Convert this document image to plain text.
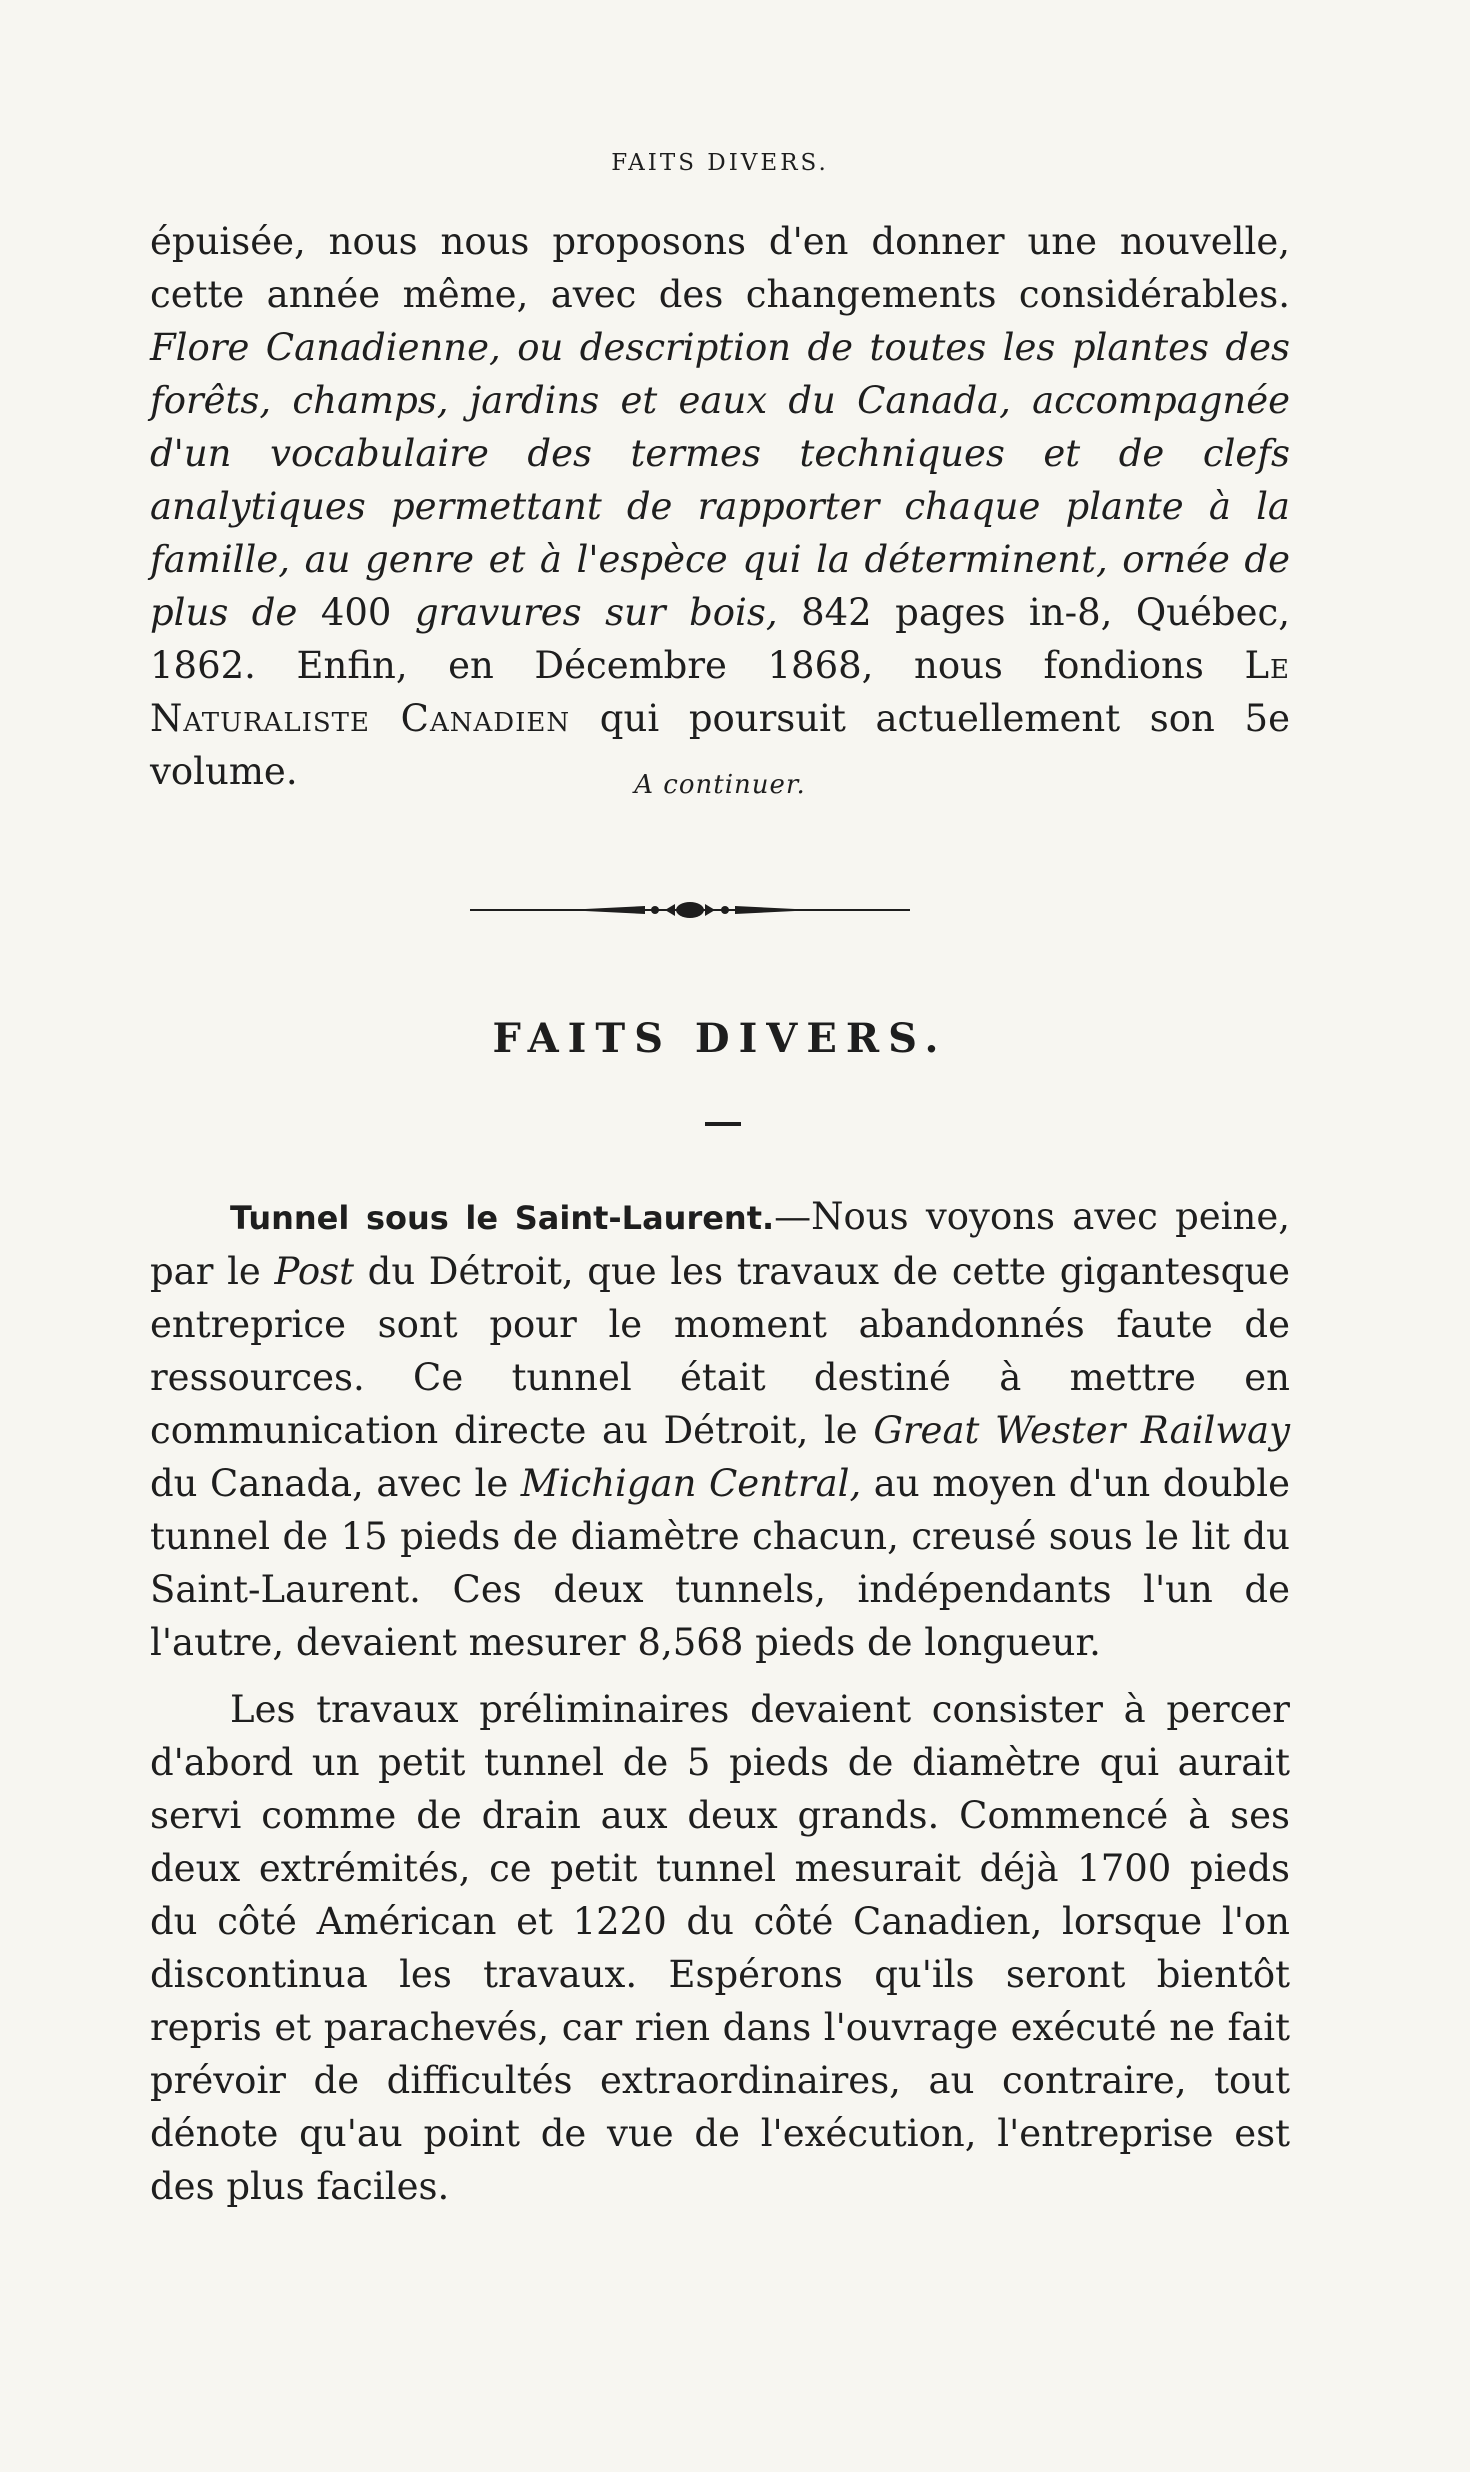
FAITS DIVERS.

épuisée, nous nous proposons d'en donner une nouvelle, cette année même, avec des changements considérables. Flore Canadienne, ou description de toutes les plantes des forêts, champs, jardins et eaux du Canada, accompagnée d'un vocabulaire des termes techniques et de clefs analytiques permettant de rapporter chaque plante à la famille, au genre et à l'espèce qui la déterminent, ornée de plus de 400 gravures sur bois, 842 pages in-8, Québec, 1862. Enfin, en Décembre 1868, nous fondions Le Naturaliste Canadien qui poursuit actuellement son 5e volume.	A continuer.
FAITS DIVERS.

Tunnel sous le Saint-Laurent.—Nous voyons avec peine, par le Post du Détroit, que les travaux de cette gigantesque entreprice sont pour le moment abandonnés faute de ressources. Ce tunnel était destiné à mettre en communication directe au Détroit, le Great Wester Railway du Canada, avec le Michigan Central, au moyen d'un double tunnel de 15 pieds de diamètre chacun, creusé sous le lit du Saint-Laurent. Ces deux tunnels, indépendants l'un de l'autre, devaient mesurer 8,568 pieds de longueur.

Les travaux préliminaires devaient consister à percer d'abord un petit tunnel de 5 pieds de diamètre qui aurait servi comme de drain aux deux grands. Commencé à ses deux extrémités, ce petit tunnel mesurait déjà 1700 pieds du côté Américan et 1220 du côté Canadien, lorsque l'on discontinua les travaux. Espérons qu'ils seront bientôt repris et parachevés, car rien dans l'ouvrage exécuté ne fait prévoir de difficultés extraordinaires, au contraire, tout dénote qu'au point de vue de l'exécution, l'entreprise est des plus faciles.
